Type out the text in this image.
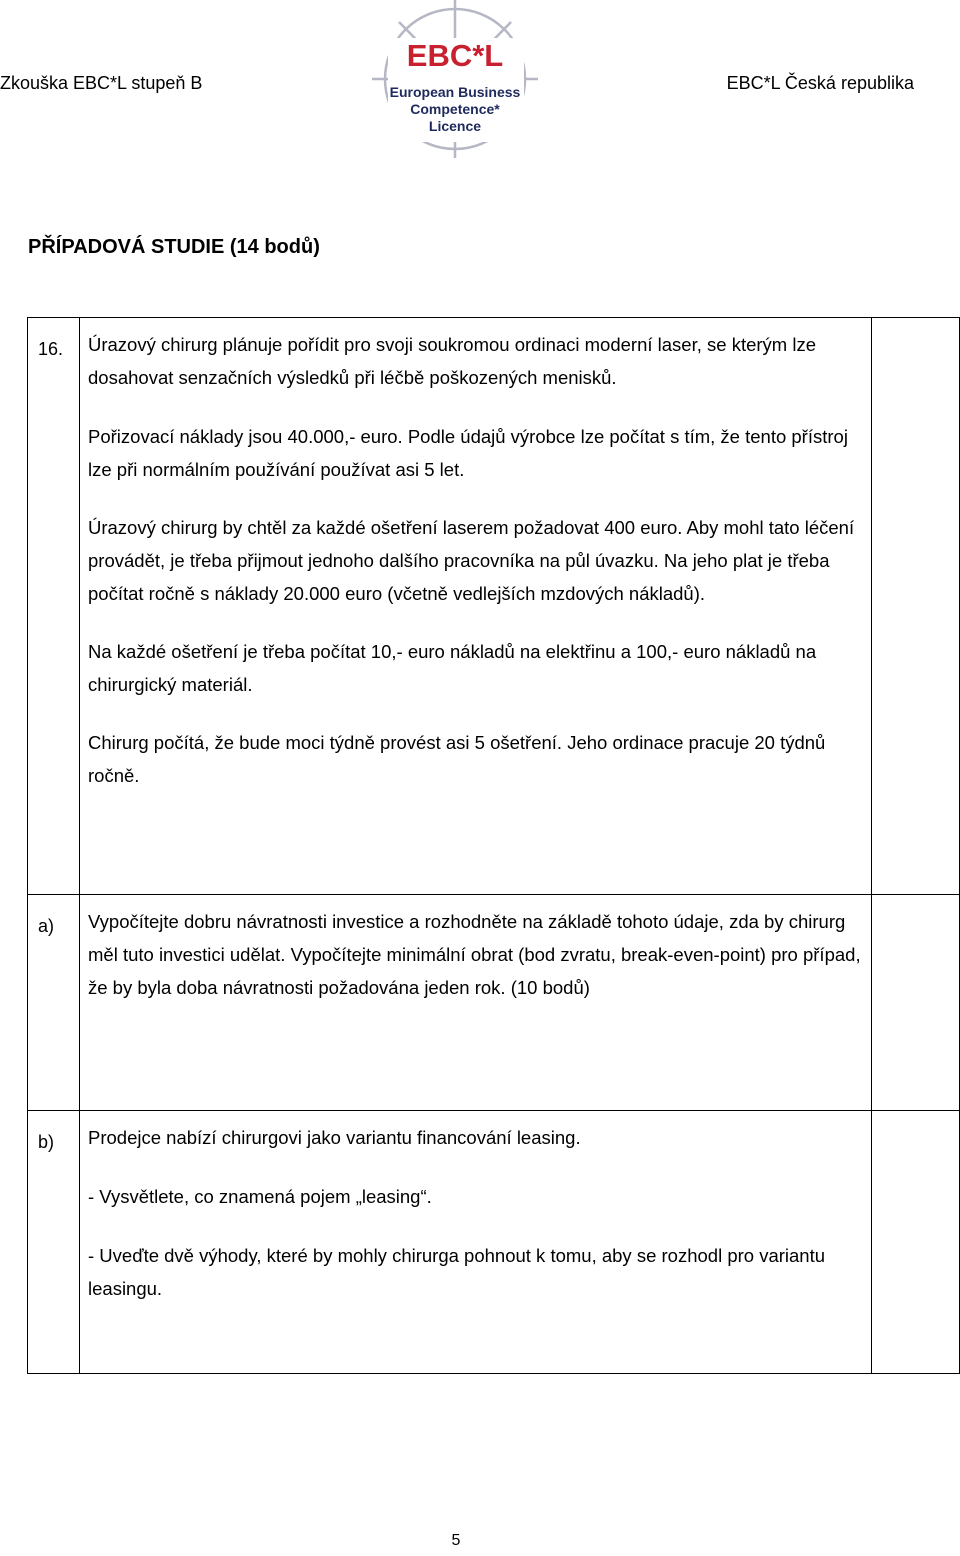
Zkouška EBC*L stupeň B	EBC*L Česká republika
EBC*L
European Business
Competence*
Licence
PŘÍPADOVÁ STUDIE (14 bodů)
16.	Úrazový chirurg plánuje pořídit pro svoji soukromou ordinaci moderní laser, se kterým lze dosahovat senzačních výsledků při léčbě poškozených menisků.

Pořizovací náklady jsou 40.000,- euro. Podle údajů výrobce lze počítat s tím, že tento přístroj lze při normálním používání používat asi 5 let.

Úrazový chirurg by chtěl za každé ošetření laserem požadovat 400 euro. Aby mohl tato léčení provádět, je třeba přijmout jednoho dalšího pracovníka na půl úvazku. Na jeho plat je třeba počítat ročně s náklady 20.000 euro (včetně vedlejších mzdových nákladů).

Na každé ošetření je třeba počítat 10,- euro nákladů na elektřinu a 100,- euro nákladů na chirurgický materiál.

Chirurg počítá, že bude moci týdně provést asi 5 ošetření. Jeho ordinace pracuje 20 týdnů ročně.	

a)	Vypočítejte dobru návratnosti investice a rozhodněte na základě tohoto údaje, zda by chirurg měl tuto investici udělat. Vypočítejte minimální obrat (bod zvratu, break-even-point) pro případ, že by byla doba návratnosti požadována jeden rok. (10 bodů)	

b)	Prodejce nabízí chirurgovi jako variantu financování leasing.

- Vysvětlete, co znamená pojem „leasing“.

- Uveďte dvě výhody, které by mohly chirurga pohnout k tomu, aby se rozhodl pro variantu leasingu.	

5
